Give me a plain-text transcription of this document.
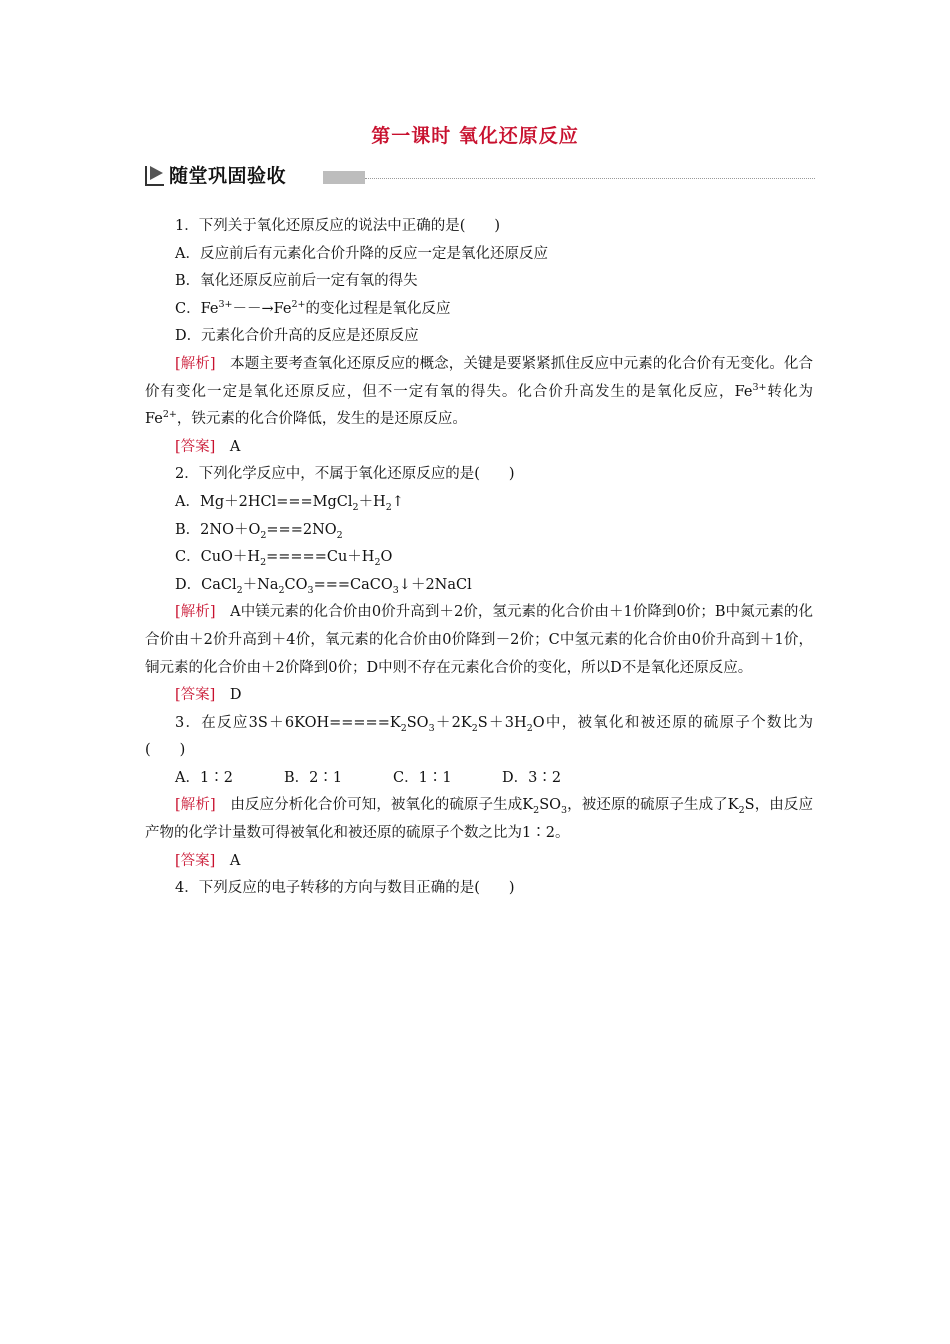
第一课时 氧化还原反应
随堂巩固验收

1．下列关于氧化还原反应的说法中正确的是(　　)

A．反应前后有元素化合价升降的反应一定是氧化还原反应

B．氧化还原反应前后一定有氧的得失

C．$Fe^{3+}--\to Fe^{2+}$的变化过程是氧化反应

D．元素化合价升高的反应是还原反应

[解析]　本题主要考查氧化还原反应的概念，关键是要紧紧抓住反应中元素的化合价有无变化。化合价有变化一定是氧化还原反应，但不一定有氧的得失。化合价升高发生的是氧化反应，$Fe^{3+}$转化为$Fe^{2+}$，铁元素的化合价降低，发生的是还原反应。

[答案]　A

2．下列化学反应中，不属于氧化还原反应的是(　　)

A．$Mg+2HCl===MgCl_2+H_2↑$

B．$2NO+O_2===2NO_2$

C．$CuO+H_2=====Cu+H_2O$

D．$CaCl_2+Na_2CO_3===CaCO_3↓+2NaCl$

[解析]　A中镁元素的化合价由0价升高到＋2价，氢元素的化合价由＋1价降到0价；B中氮元素的化合价由＋2价升高到＋4价，氧元素的化合价由0价降到－2价；C中氢元素的化合价由0价升高到＋1价，铜元素的化合价由＋2价降到0价；D中则不存在元素化合价的变化，所以D不是氧化还原反应。

[答案]　D

3．在反应$3S+6KOH=====K_2SO_3+2K_2S+3H_2O$中，被氧化和被还原的硫原子个数比为(　　)

A．1∶2	B．2∶1	C．1∶1	D．3∶2

[解析]　由反应分析化合价可知，被氧化的硫原子生成$K_2SO_3$，被还原的硫原子生成了$K_2S$，由反应产物的化学计量数可得被氧化和被还原的硫原子个数之比为1∶2。

[答案]　A

4．下列反应的电子转移的方向与数目正确的是(　　)
